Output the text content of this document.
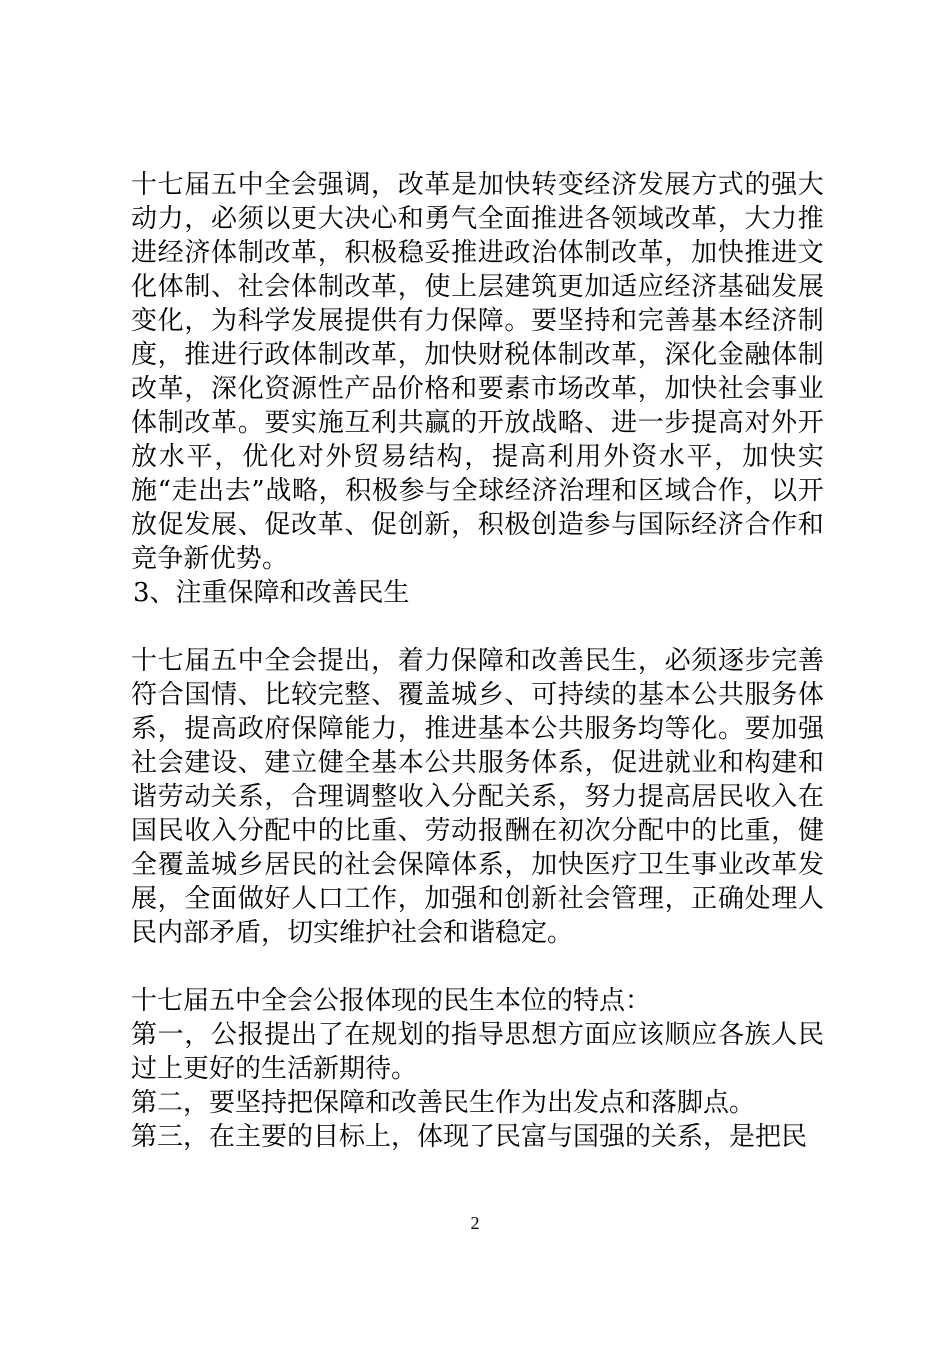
十七届五中全会强调，改革是加快转变经济发展方式的强大动力，必须以更大决心和勇气全面推进各领域改革，大力推进经济体制改革，积极稳妥推进政治体制改革，加快推进文化体制、社会体制改革，使上层建筑更加适应经济基础发展变化，为科学发展提供有力保障。要坚持和完善基本经济制度，推进行政体制改革，加快财税体制改革，深化金融体制改革，深化资源性产品价格和要素市场改革，加快社会事业体制改革。要实施互利共赢的开放战略、进一步提高对外开放水平，优化对外贸易结构，提高利用外资水平，加快实施“走出去”战略，积极参与全球经济治理和区域合作，以开放促发展、促改革、促创新，积极创造参与国际经济合作和竞争新优势。

3、注重保障和改善民生

十七届五中全会提出，着力保障和改善民生，必须逐步完善符合国情、比较完整、覆盖城乡、可持续的基本公共服务体系，提高政府保障能力，推进基本公共服务均等化。要加强社会建设、建立健全基本公共服务体系，促进就业和构建和谐劳动关系，合理调整收入分配关系，努力提高居民收入在国民收入分配中的比重、劳动报酬在初次分配中的比重，健全覆盖城乡居民的社会保障体系，加快医疗卫生事业改革发展，全面做好人口工作，加强和创新社会管理，正确处理人民内部矛盾，切实维护社会和谐稳定。

十七届五中全会公报体现的民生本位的特点：

第一，公报提出了在规划的指导思想方面应该顺应各族人民过上更好的生活新期待。

第二，要坚持把保障和改善民生作为出发点和落脚点。

第三，在主要的目标上，体现了民富与国强的关系，是把民

2
